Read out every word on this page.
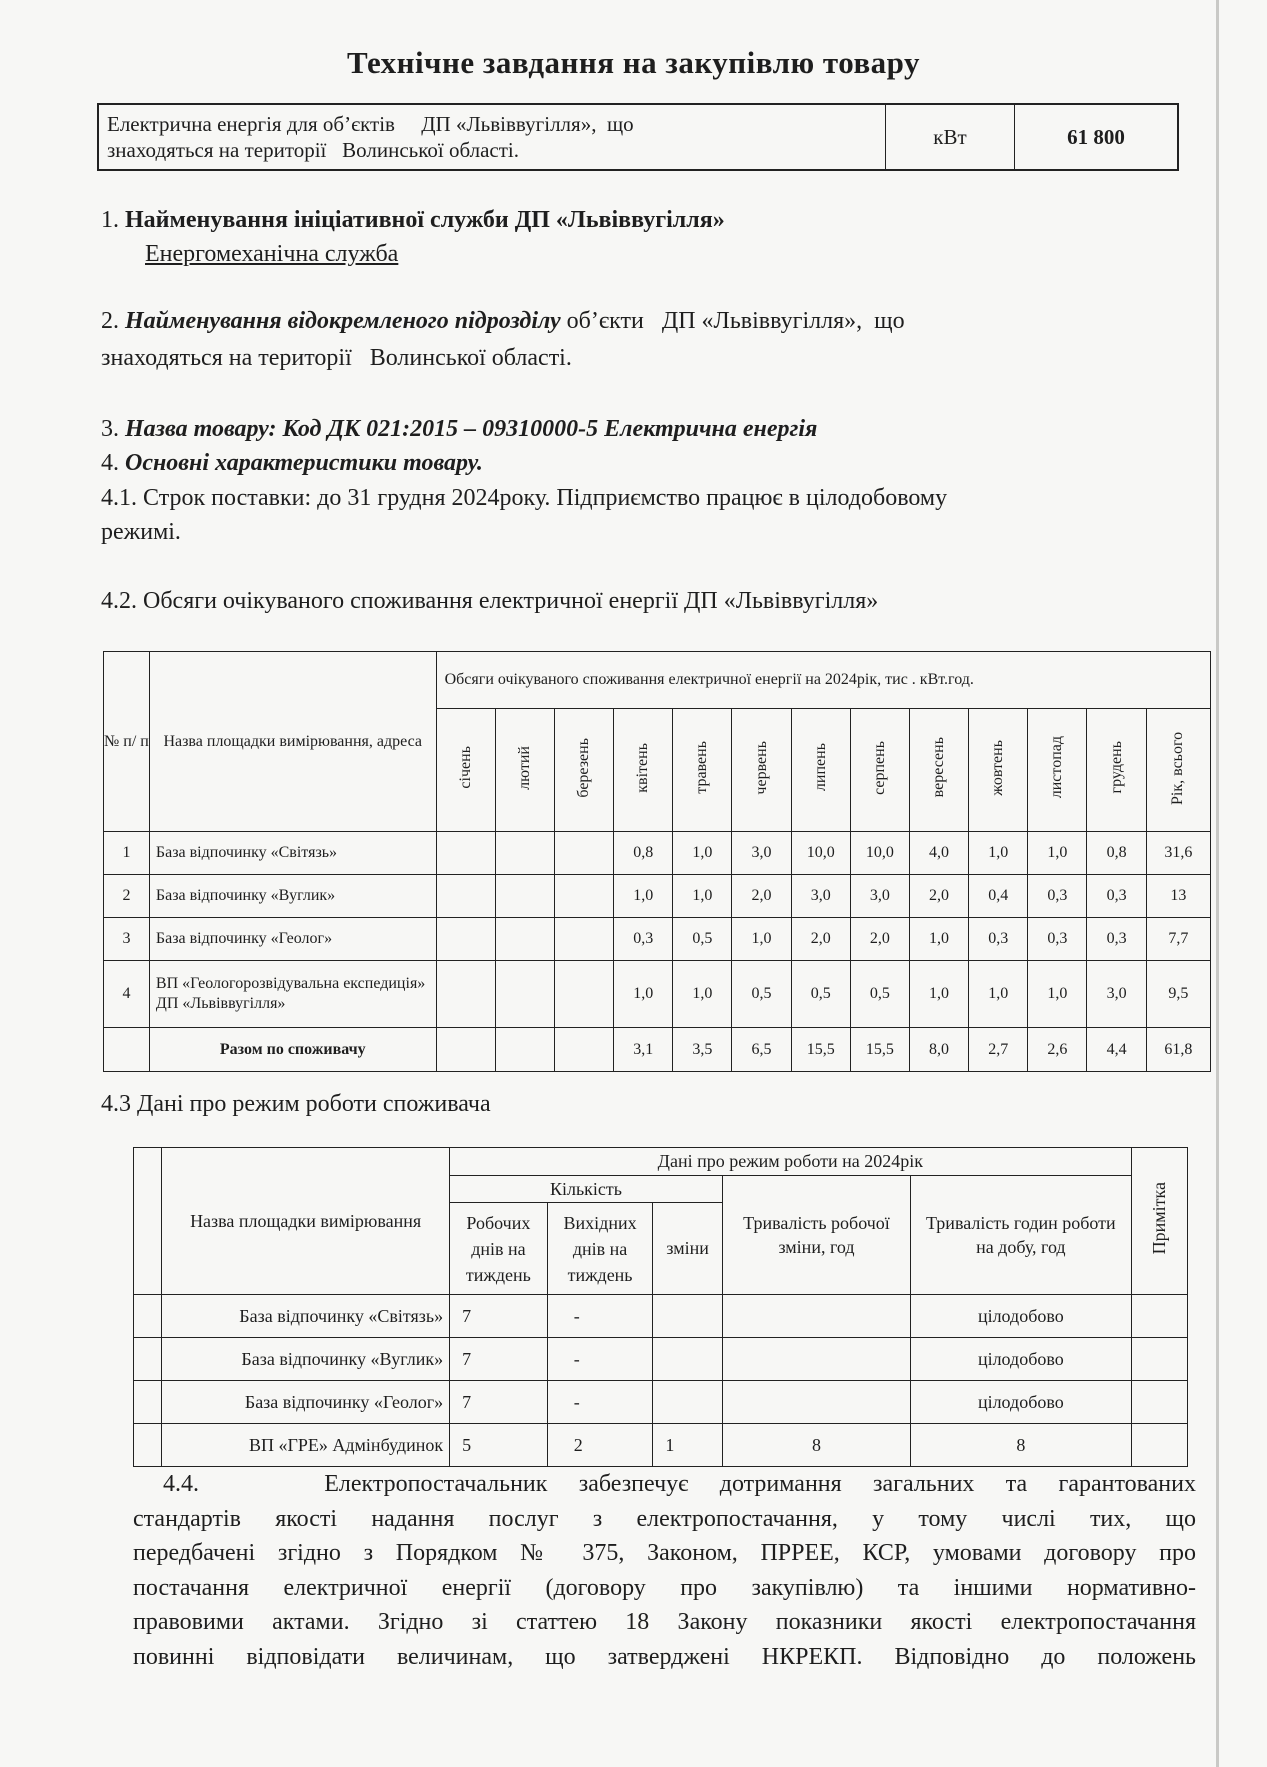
Технічне завдання на закупівлю товару
Електрична енергія для об’єктів     ДП «Львіввугілля»,  що
знаходяться на території   Волинської області.	кВт	61 800
1. Найменування ініціативної служби ДП «Львіввугілля»
Енергомеханічна служба
2. Найменування відокремленого підрозділу об’єкти   ДП «Львіввугілля»,  що
знаходяться на території   Волинської області.
3. Назва товару: Код ДК 021:2015 – 09310000-5 Електрична енергія
4. Основні характеристики товару.
4.1. Строк поставки: до 31 грудня 2024року. Підприємство працює в цілодобовому
режимі.
4.2. Обсяги очікуваного споживання електричної енергії ДП «Львіввугілля»
№ п/ п	Назва площадки вимірювання, адреса	Обсяги очікуваного споживання електричної енергії на 2024рік, тис . кВт.год.												
		січень	лютий	березень	квітень	травень	червень	липень	серпень	вересень	жовтень	листопад	грудень	Рік, всього
1	База відпочинку «Світязь»				0,8	1,0	3,0	10,0	10,0	4,0	1,0	1,0	0,8	31,6
2	База відпочинку «Вуглик»				1,0	1,0	2,0	3,0	3,0	2,0	0,4	0,3	0,3	13
3	База відпочинку «Геолог»				0,3	0,5	1,0	2,0	2,0	1,0	0,3	0,3	0,3	7,7
4	ВП «Геологорозвідувальна експедиція» ДП «Львіввугілля»				1,0	1,0	0,5	0,5	0,5	1,0	1,0	1,0	3,0	9,5
	Разом по споживачу				3,1	3,5	6,5	15,5	15,5	8,0	2,7	2,6	4,4	61,8
4.3 Дані про режим роботи споживача
	Назва площадки вимірювання	Дані про режим роботи на 2024рік					Примітка
		Кількість			Тривалість робочої зміни, год	Тривалість годин роботи на добу, год	
		Робочих днів на тиждень	Вихідних днів на тиждень	зміни			
	База відпочинку «Світязь»	7	-			цілодобово	
	База відпочинку «Вуглик»	7	-			цілодобово	
	База відпочинку «Геолог»	7	-			цілодобово	
	ВП «ГРЕ» Адмінбудинок	5	2	1	8	8	
4.4.    Електропостачальник забезпечує дотримання загальних та гарантованих
стандартів якості надання послуг з електропостачання, у тому числі тих, що
передбачені згідно з Порядком № 375, Законом, ПРРЕЕ, КСР, умовами договору про
постачання електричної енергії (договору про закупівлю) та іншими нормативно-
правовими актами. Згідно зі статтею 18 Закону показники якості електропостачання
повинні відповідати величинам, що затверджені НКРЕКП. Відповідно до положень
